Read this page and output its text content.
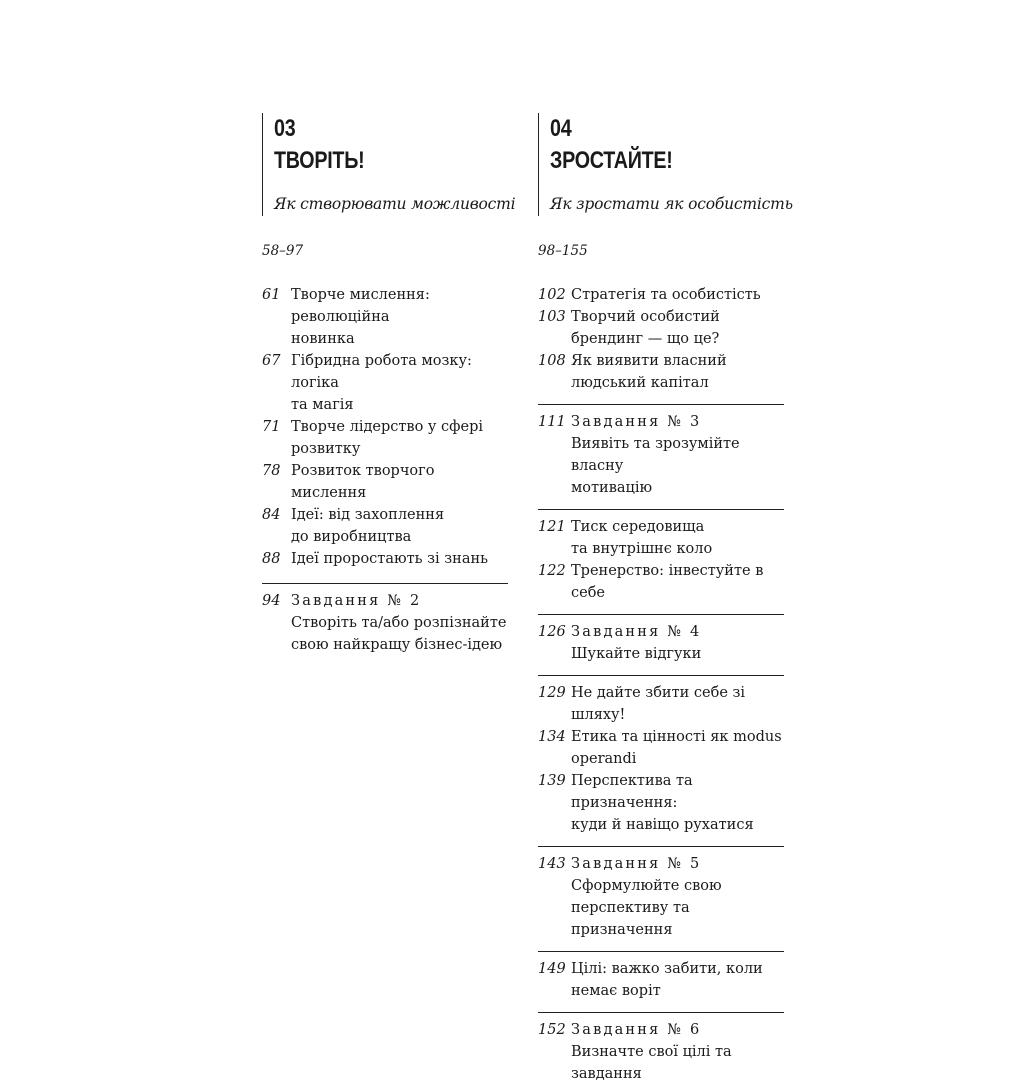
03
ТВОРІТЬ!
Як створювати можливості
58–97
61 Творче мислення: революційна
новинка
67 Гібридна робота мозку: логіка
та магія
71 Творче лідерство у сфері
розвитку
78 Розвиток творчого мислення
84 Ідеї: від захоплення
до виробництва
88 Ідеї проростають зі знань
94 Завдання № 2
Створіть та/або розпізнайте
свою найкращу бізнес-ідею
04
ЗРОСТАЙТЕ!
Як зростати як особистість
98–155
102 Стратегія та особистість
103 Творчий особистий
брендинг — що це?
108 Як виявити власний
людський капітал
111 Завдання № 3
Виявіть та зрозумійте власну
мотивацію
121 Тиск середовища
та внутрішнє коло
122 Тренерство: інвестуйте в себе
126 Завдання № 4
Шукайте відгуки
129 Не дайте збити себе зі шляху!
134 Етика та цінності як modus
operandi
139 Перспектива та призначення:
куди й навіщо рухатися
143 Завдання № 5
Сформулюйте свою
перспективу та призначення
149 Цілі: важко забити, коли
немає воріт
152 Завдання № 6
Визначте свої цілі та завдання
